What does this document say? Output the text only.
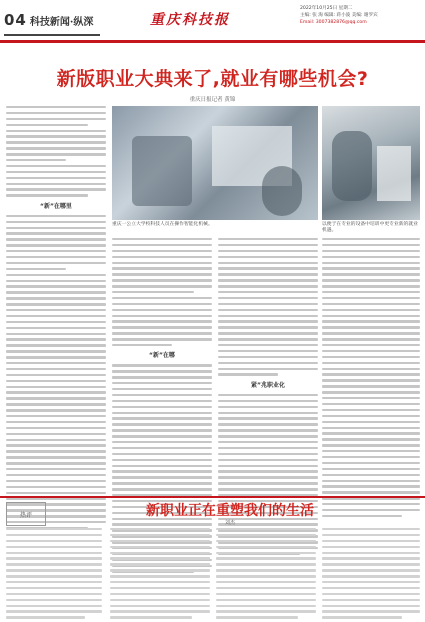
04 科技新闻·纵深	重庆科技报
2022年10月25日 星期二
主编: 张 淘 编辑: 蒋小波 美编: 谢罗宾
Email: 3007382876@qq.com
新版职业大典来了,就业有哪些机会?
重庆日报记者 黄锦
“新”在哪里
重庆一公立大学校科技人员在操作智能化机械。	以便于在专业的设备中培训中更专业新的就业机遇。
“新”在哪
紧”兆职业化
热评	新职业正在重塑我们的生活
刘杰
